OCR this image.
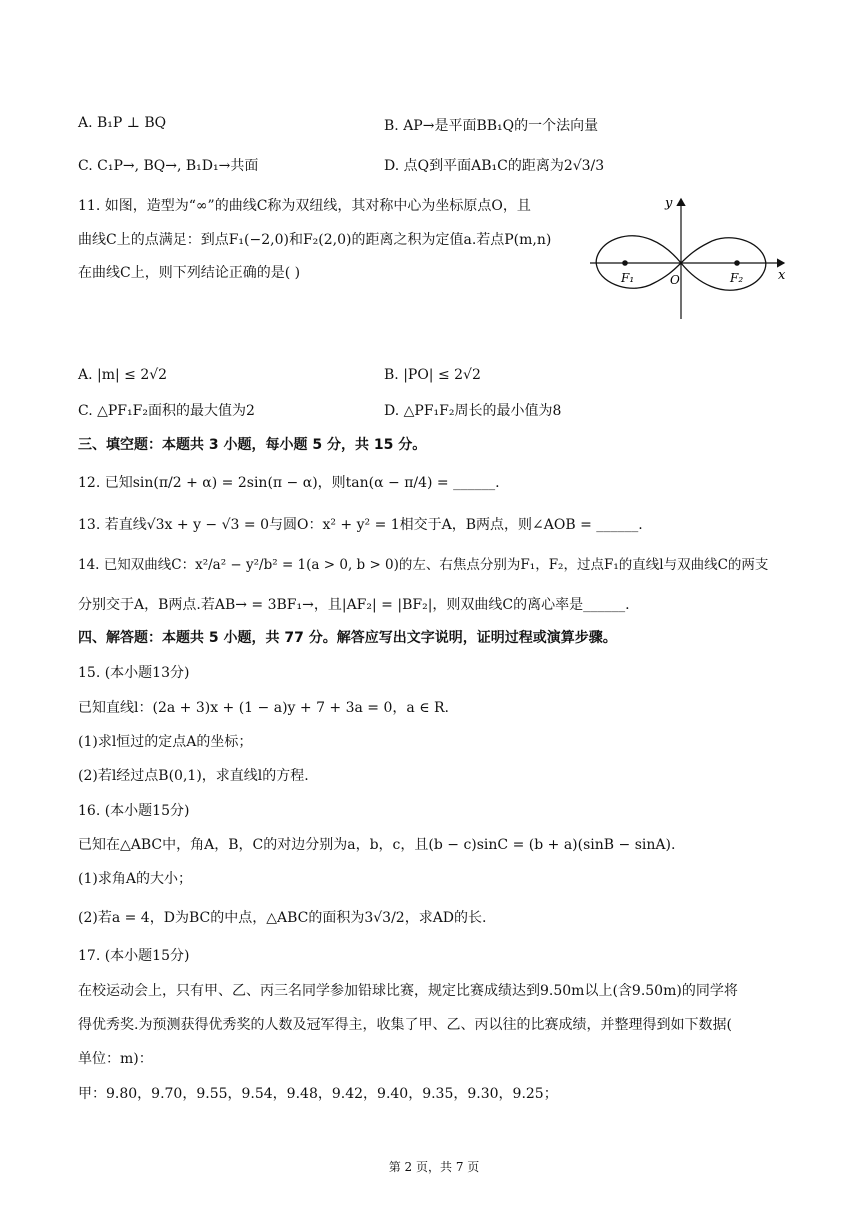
A. B₁P ⊥ BQ	B. AP→是平面BB₁Q的一个法向量
C. C₁P→, BQ→, B₁D₁→共面	D. 点Q到平面AB₁C的距离为2√3/3
11. 如图，造型为“∞”的曲线C称为双纽线，其对称中心为坐标原点O，且
曲线C上的点满足：到点F₁(−2,0)和F₂(2,0)的距离之积为定值a.若点P(m,n)
在曲线C上，则下列结论正确的是( )
y
x
F₁	O	F₂
A. |m| ≤ 2√2	B. |PO| ≤ 2√2
C. △PF₁F₂面积的最大值为2	D. △PF₁F₂周长的最小值为8
三、填空题：本题共 3 小题，每小题 5 分，共 15 分。
12. 已知sin(π/2 + α) = 2sin(π − α)，则tan(α − π/4) = ______.
13. 若直线√3x + y − √3 = 0与圆O：x² + y² = 1相交于A，B两点，则∠AOB = ______.
14. 已知双曲线C：x²/a² − y²/b² = 1(a > 0, b > 0)的左、右焦点分别为F₁，F₂，过点F₁的直线l与双曲线C的两支
分别交于A，B两点.若AB→ = 3BF₁→，且|AF₂| = |BF₂|，则双曲线C的离心率是______.
四、解答题：本题共 5 小题，共 77 分。解答应写出文字说明，证明过程或演算步骤。
15. (本小题13分)
已知直线l：(2a + 3)x + (1 − a)y + 7 + 3a = 0，a ∈ R.
(1)求l恒过的定点A的坐标；
(2)若l经过点B(0,1)，求直线l的方程.
16. (本小题15分)
已知在△ABC中，角A，B，C的对边分别为a，b，c，且(b − c)sinC = (b + a)(sinB − sinA).
(1)求角A的大小；
(2)若a = 4，D为BC的中点，△ABC的面积为3√3/2，求AD的长.
17. (本小题15分)
在校运动会上，只有甲、乙、丙三名同学参加铅球比赛，规定比赛成绩达到9.50m以上(含9.50m)的同学将
得优秀奖.为预测获得优秀奖的人数及冠军得主，收集了甲、乙、丙以往的比赛成绩，并整理得到如下数据(
单位：m)：
甲：9.80，9.70，9.55，9.54，9.48，9.42，9.40，9.35，9.30，9.25；
第 2 页，共 7 页
